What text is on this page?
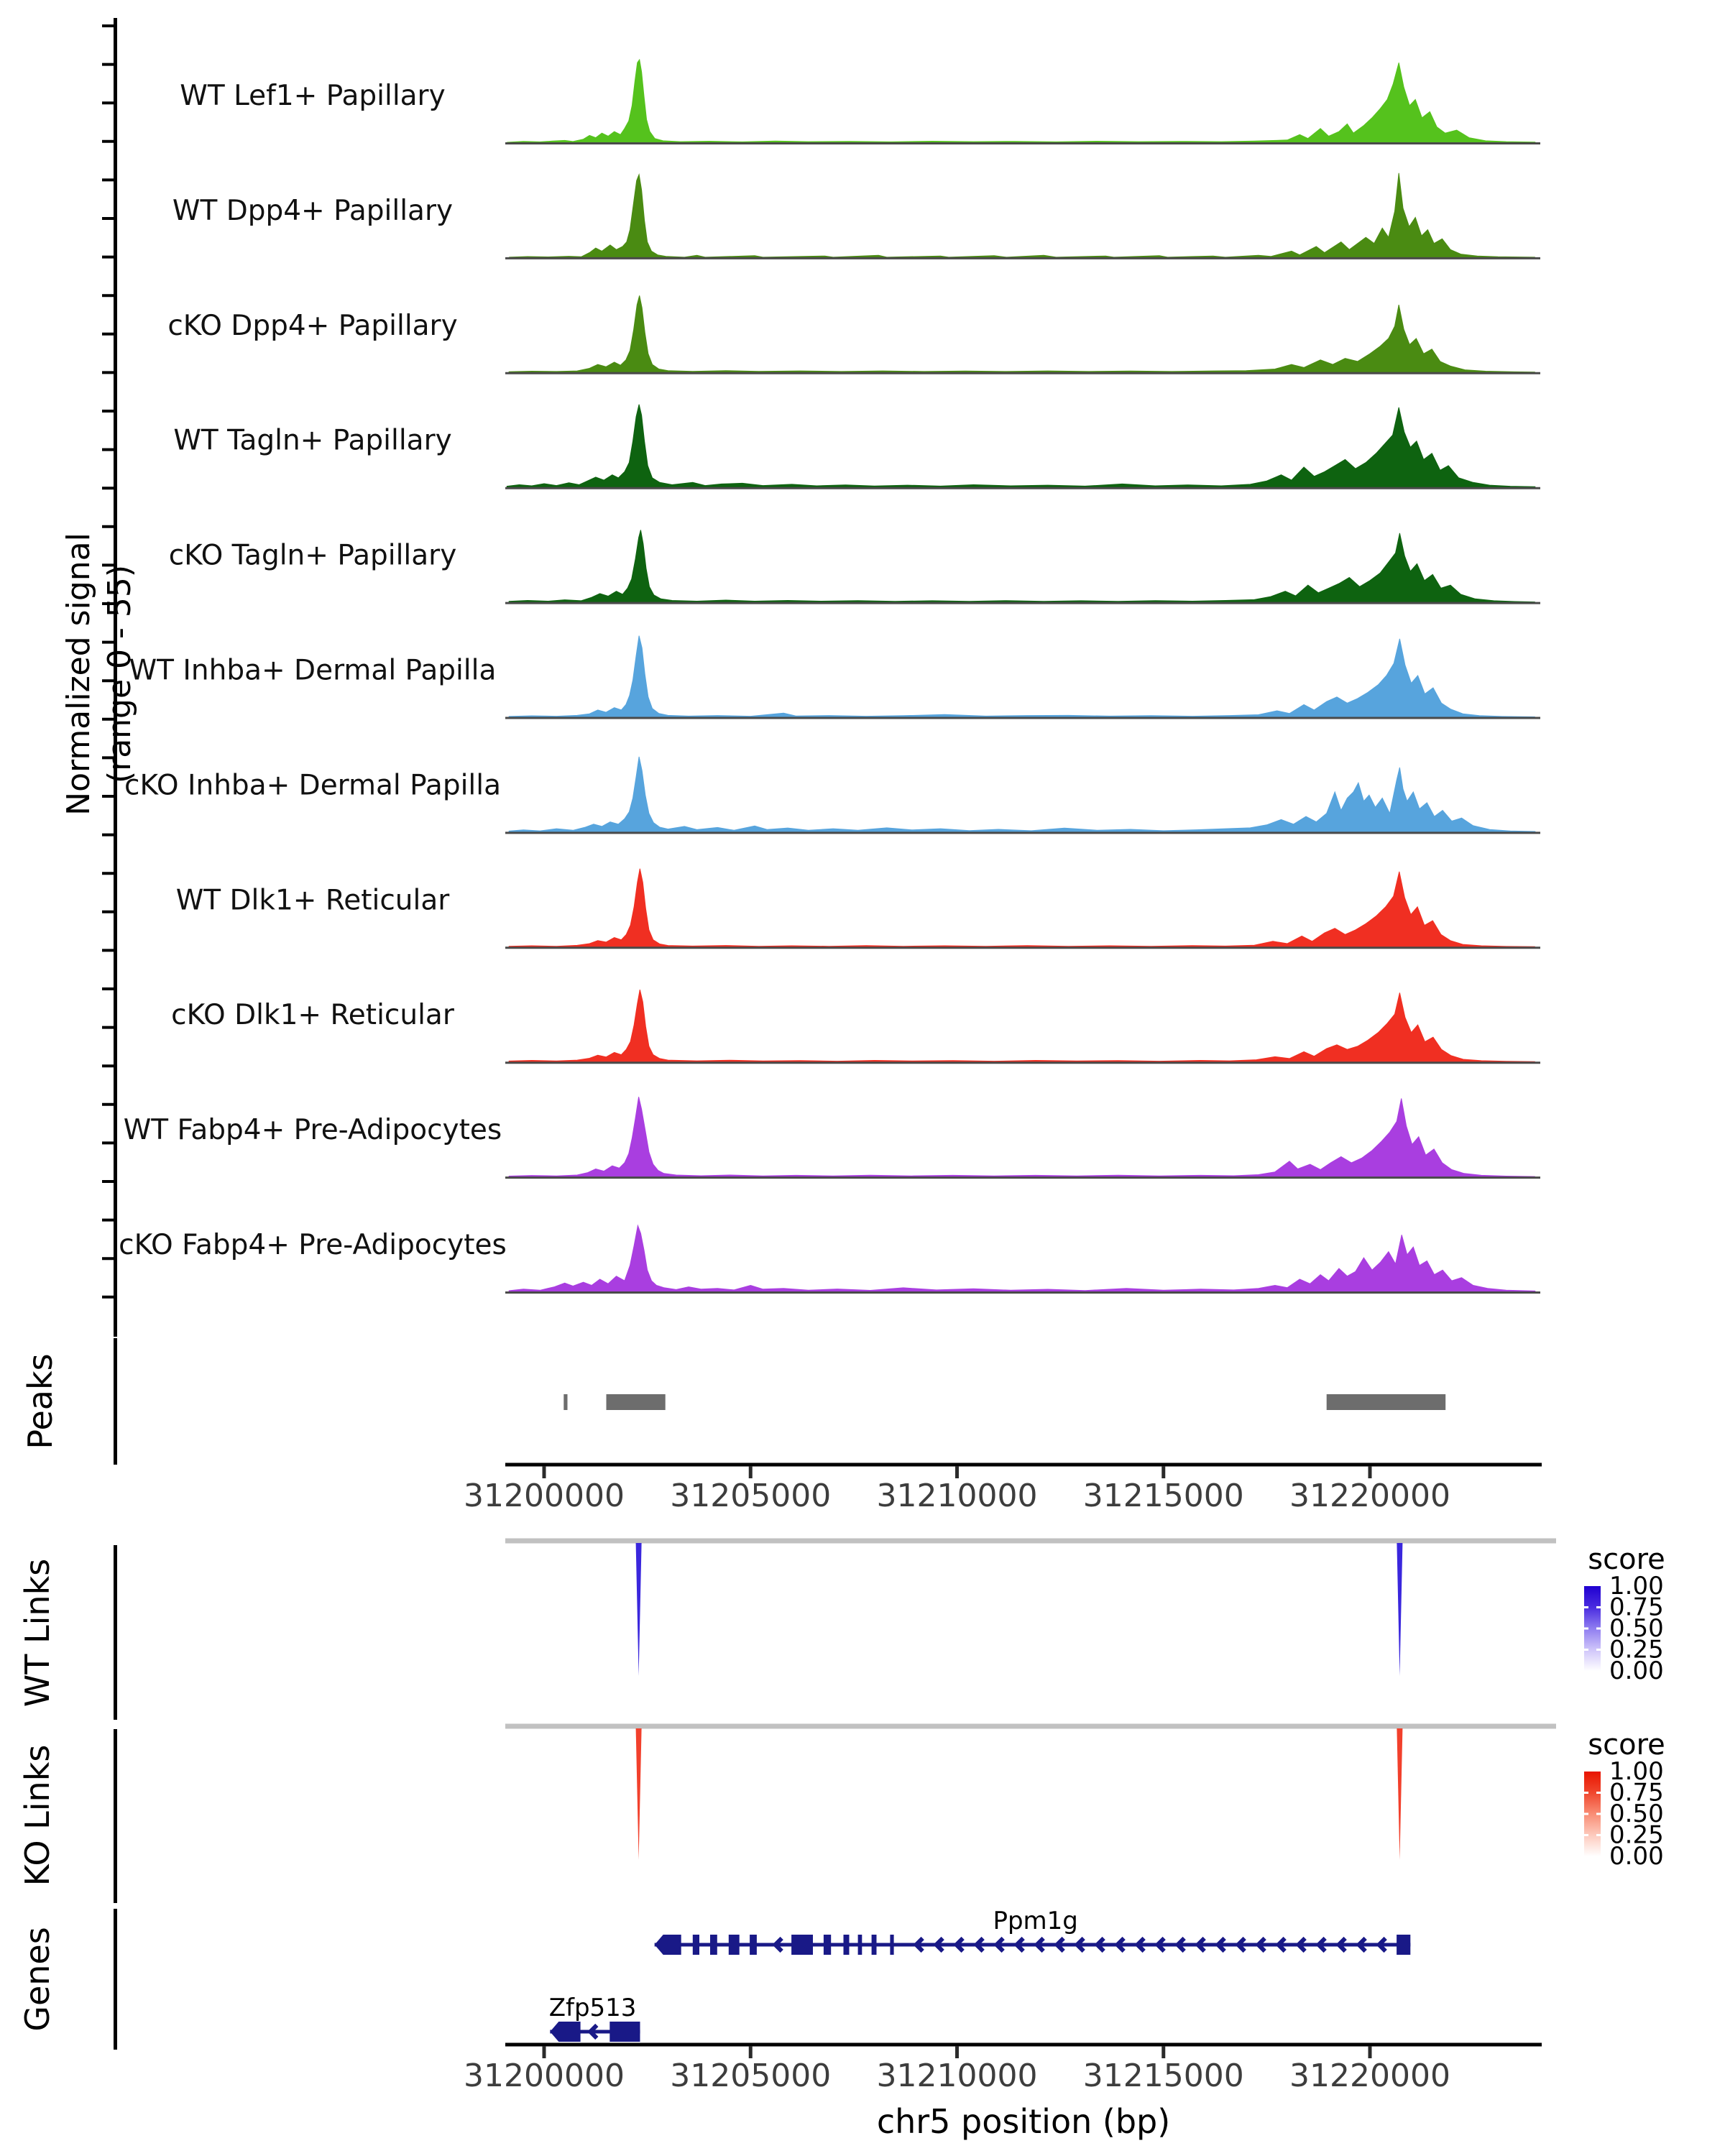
WT Lef1+ Papillary
WT Dpp4+ Papillary
cKO Dpp4+ Papillary
WT Tagln+ Papillary
cKO Tagln+ Papillary
WT Inhba+ Dermal Papilla
cKO Inhba+ Dermal Papilla
WT Dlk1+ Reticular
cKO Dlk1+ Reticular
WT Fabp4+ Pre-Adipocytes
cKO Fabp4+ Pre-Adipocytes
31200000 31205000 31210000 31215000 31220000
1.00
0.75
0.50
0.25
0.00
1.00
0.75
0.50
0.25
0.00
Ppm1g
Zfp513
31200000 31205000 31210000 31215000 31220000
Normalized signal (range 0 - 55)
Peaks
WT Links
KO Links
Genes
score
score
chr5 position (bp)
